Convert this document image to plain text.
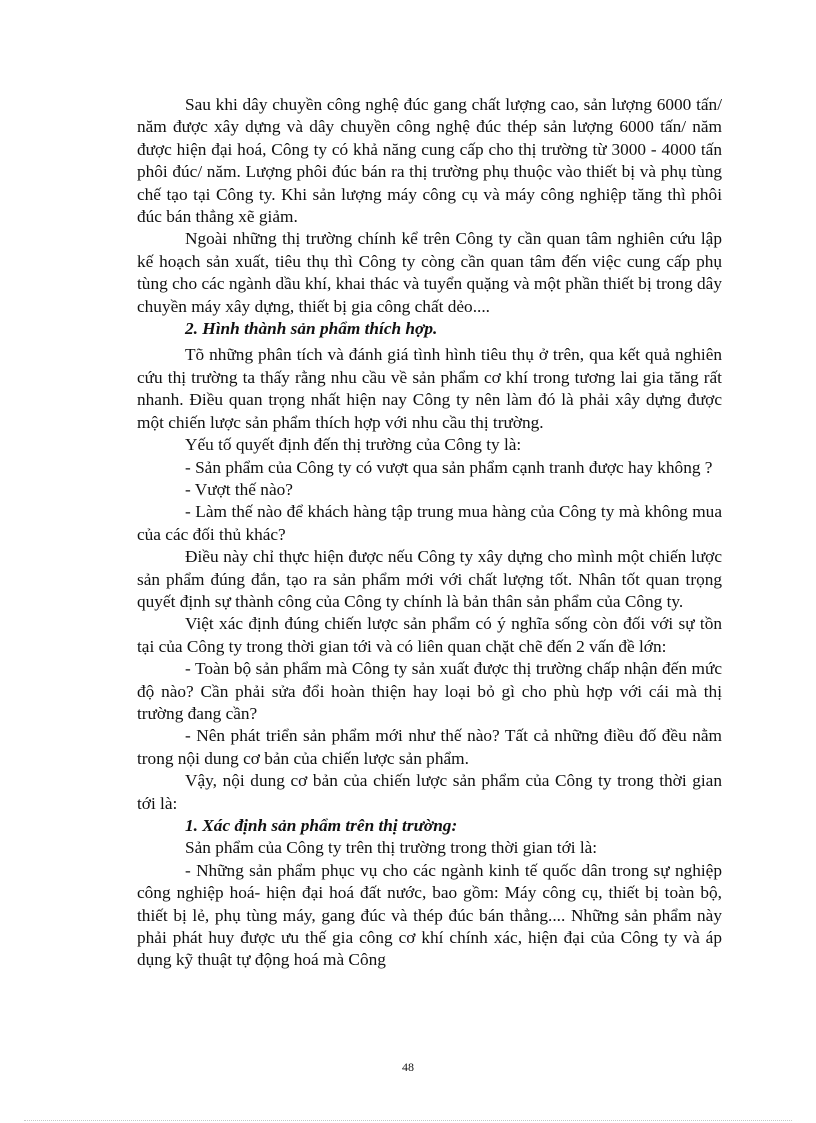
Sau khi dây chuyền công nghệ đúc gang chất lượng cao, sản lượng 6000 tấn/ năm được xây dựng và dây chuyền công nghệ đúc thép sản lượng 6000 tấn/ năm được hiện đại hoá, Công ty có khả năng cung cấp cho thị trường từ 3000 - 4000 tấn phôi đúc/ năm. Lượng phôi đúc bán ra thị trường phụ thuộc vào thiết bị và phụ tùng chế tạo tại Công ty. Khi sản lượng máy công cụ và máy công nghiệp tăng thì phôi đúc bán thẳng xẽ giảm.

Ngoài những thị trường chính kể trên Công ty cần quan tâm nghiên cứu lập kế hoạch sản xuất, tiêu thụ thì Công ty còng cần quan tâm đến việc cung cấp phụ tùng cho các ngành dầu khí, khai thác và tuyển quặng và một phần thiết bị trong dây chuyền máy xây dựng, thiết bị gia công chất dẻo....

2. Hình thành sản phẩm thích hợp.

Tõ những phân tích và đánh giá tình hình tiêu thụ ở trên, qua kết quả nghiên cứu thị trường ta thấy rằng nhu cầu về sản phẩm cơ khí trong tương lai gia tăng rất nhanh. Điều quan trọng nhất hiện nay Công ty nên làm đó là phải xây dựng được một chiến lược sản phẩm thích hợp với nhu cầu thị trường.

Yếu tố quyết định đến thị trường của Công ty là:

- Sản phẩm của Công ty có vượt qua sản phẩm cạnh tranh được hay không ?

- Vượt thế nào?

- Làm thế nào để khách hàng tập trung mua hàng của Công ty mà không mua của các đối thủ khác?

Điều này chỉ thực hiện được nếu Công ty xây dựng cho mình một chiến lược sản phẩm đúng đắn, tạo ra sản phẩm mới với chất lượng tốt. Nhân tốt quan trọng quyết định sự thành công của Công ty chính là bản thân sản phẩm của Công ty.

Việt xác định đúng chiến lược sản phẩm có ý nghĩa sống còn đối với sự tồn tại của Công ty trong thời gian tới và có liên quan chặt chẽ đến 2 vấn đề lớn:

- Toàn bộ sản phẩm mà Công ty sản xuất được thị trường chấp nhận đến mức độ nào? Cần phải sửa đổi hoàn thiện hay loại bỏ gì cho phù hợp với cái mà thị trường đang cần?

- Nên phát triển sản phẩm mới như thế nào? Tất cả những điều đố đều nằm trong nội dung cơ bản của chiến lược sản phẩm.

Vậy, nội dung cơ bản của chiến lược sản phẩm của Công ty trong thời gian tới là:

1. Xác định sản phẩm trên thị trường:

Sản phẩm của Công ty trên thị trường trong thời gian tới là:

- Những sản phẩm phục vụ cho các ngành kinh tế quốc dân trong sự nghiệp công nghiệp hoá- hiện đại hoá đất nước, bao gồm: Máy công cụ, thiết bị toàn bộ, thiết bị lẻ, phụ tùng máy, gang đúc và thép đúc bán thẳng.... Những sản phẩm này phải phát huy được ưu thế gia công cơ khí chính xác, hiện đại của Công ty và áp dụng kỹ thuật tự động hoá mà Công

48
